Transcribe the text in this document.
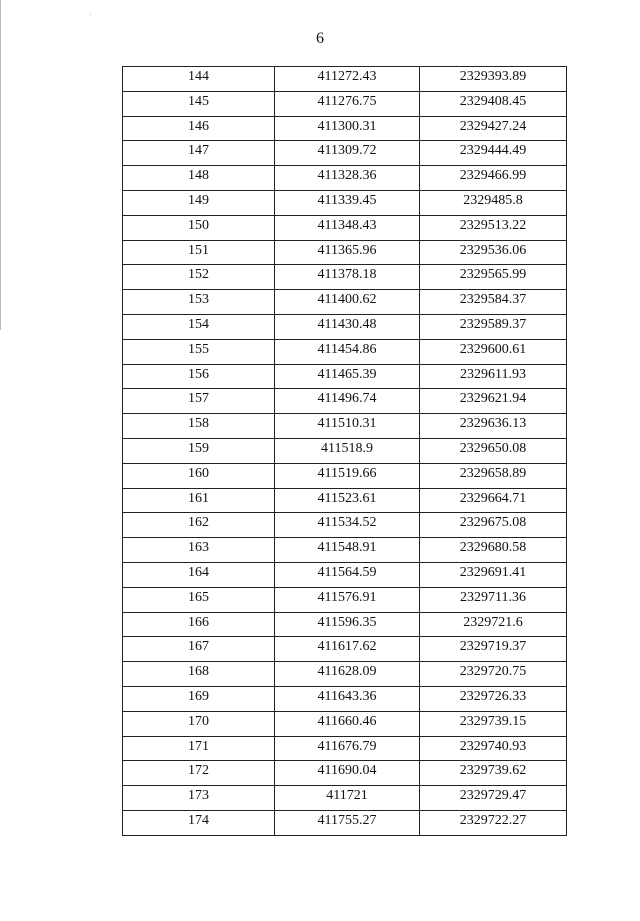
6
144	411272.43	2329393.89

145	411276.75	2329408.45

146	411300.31	2329427.24

147	411309.72	2329444.49

148	411328.36	2329466.99

149	411339.45	2329485.8

150	411348.43	2329513.22

151	411365.96	2329536.06

152	411378.18	2329565.99

153	411400.62	2329584.37

154	411430.48	2329589.37

155	411454.86	2329600.61

156	411465.39	2329611.93

157	411496.74	2329621.94

158	411510.31	2329636.13

159	411518.9	2329650.08

160	411519.66	2329658.89

161	411523.61	2329664.71

162	411534.52	2329675.08

163	411548.91	2329680.58

164	411564.59	2329691.41

165	411576.91	2329711.36

166	411596.35	2329721.6

167	411617.62	2329719.37

168	411628.09	2329720.75

169	411643.36	2329726.33

170	411660.46	2329739.15

171	411676.79	2329740.93

172	411690.04	2329739.62

173	411721	2329729.47

174	411755.27	2329722.27
